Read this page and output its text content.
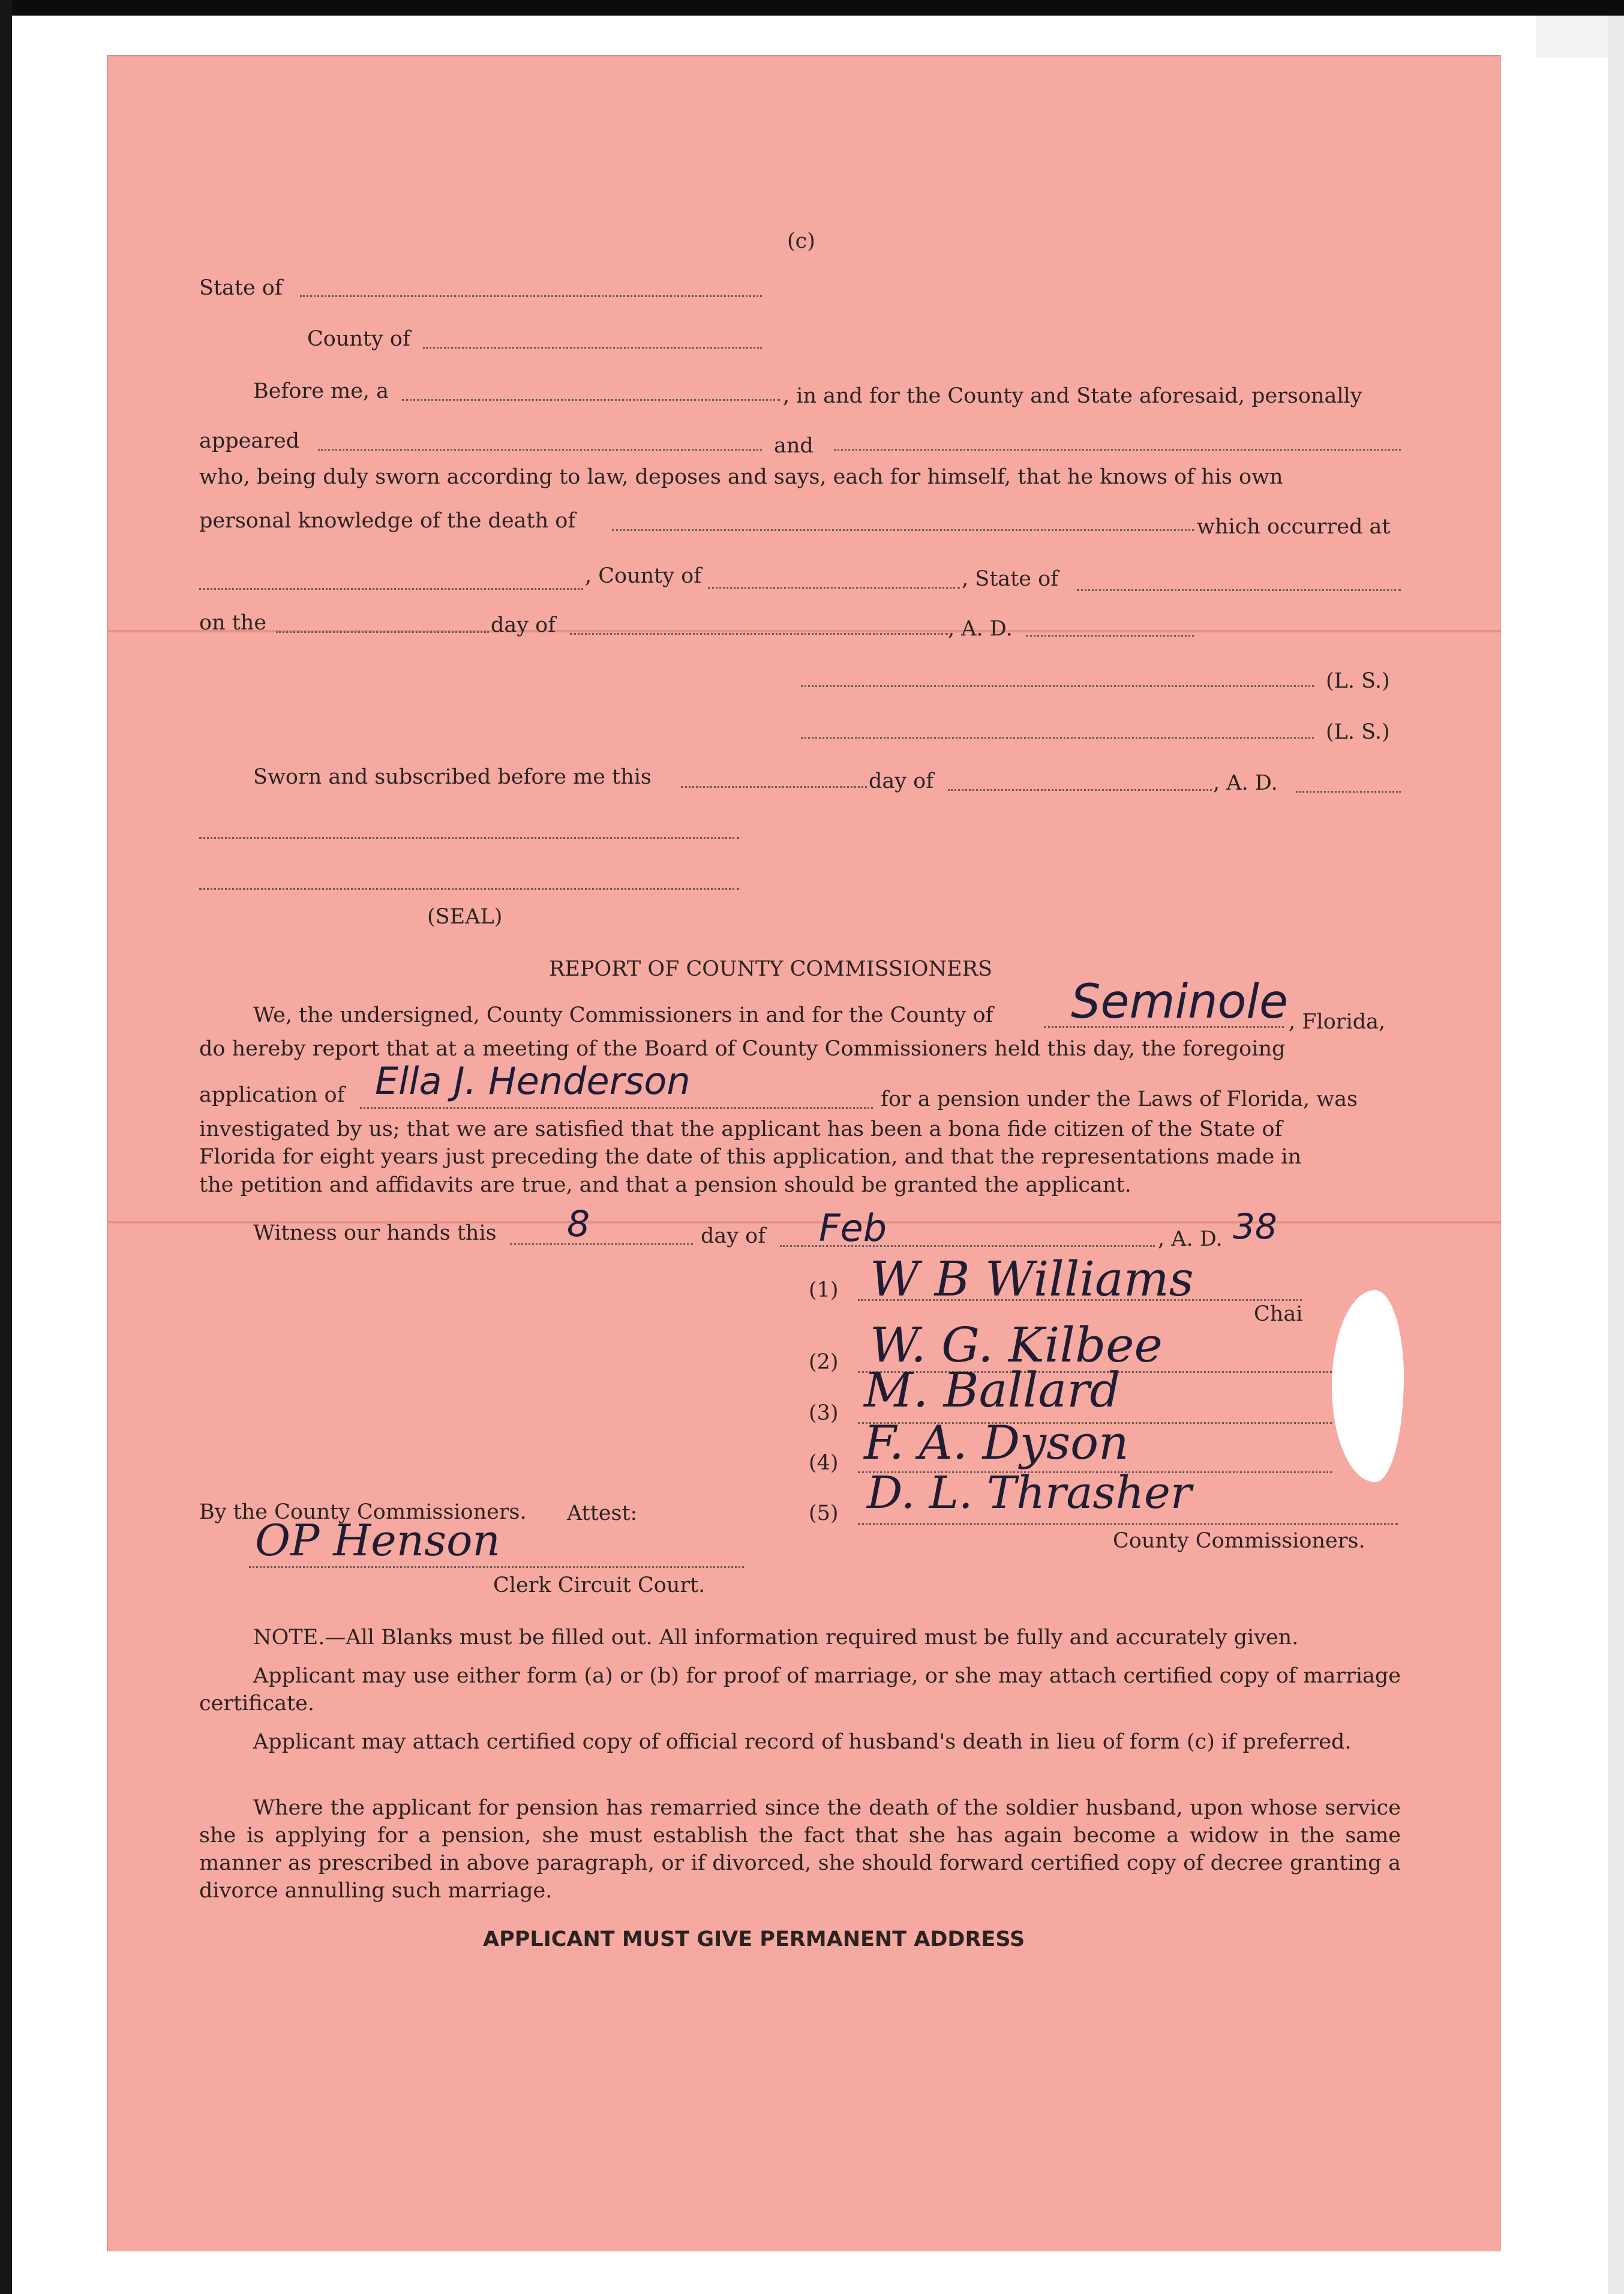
(c)
State of
County of
Before me, a	, in and for the County and State aforesaid, personally
appeared	and
who, being duly sworn according to law, deposes and says, each for himself, that he knows of his own
personal knowledge of the death of	which occurred at
, County of	, State of
on the	day of	, A. D.
(L. S.)
(L. S.)
Sworn and subscribed before me this	day of	, A. D.
(SEAL)
REPORT OF COUNTY COMMISSIONERS
We, the undersigned, County Commissioners in and for the County of Seminole , Florida,
do hereby report that at a meeting of the Board of County Commissioners held this day, the foregoing
application of Ella J. Henderson	for a pension under the Laws of Florida, was
investigated by us; that we are satisfied that the applicant has been a bona fide citizen of the State of
Florida for eight years just preceding the date of this application, and that the representations made in
the petition and affidavits are true, and that a pension should be granted the applicant.
Witness our hands this 8	day of Feb	, A. D. 38
(1) W B Williams
Chai
(2) W. G. Kilbee
(3) M. Ballard
(4) F. A. Dyson
(5) D. L. Thrasher
County Commissioners.
By the County Commissioners. Attest:
OP Henson
Clerk Circuit Court.
NOTE.—All Blanks must be filled out. All information required must be fully and accurately given.
Applicant may use either form (a) or (b) for proof of marriage, or she may attach certified copy of marriage certificate.
Applicant may attach certified copy of official record of husband's death in lieu of form (c) if preferred.
Where the applicant for pension has remarried since the death of the soldier husband, upon whose service she is applying for a pension, she must establish the fact that she has again become a widow in the same manner as prescribed in above paragraph, or if divorced, she should forward certified copy of decree granting a divorce annulling such marriage.
APPLICANT MUST GIVE PERMANENT ADDRESS
